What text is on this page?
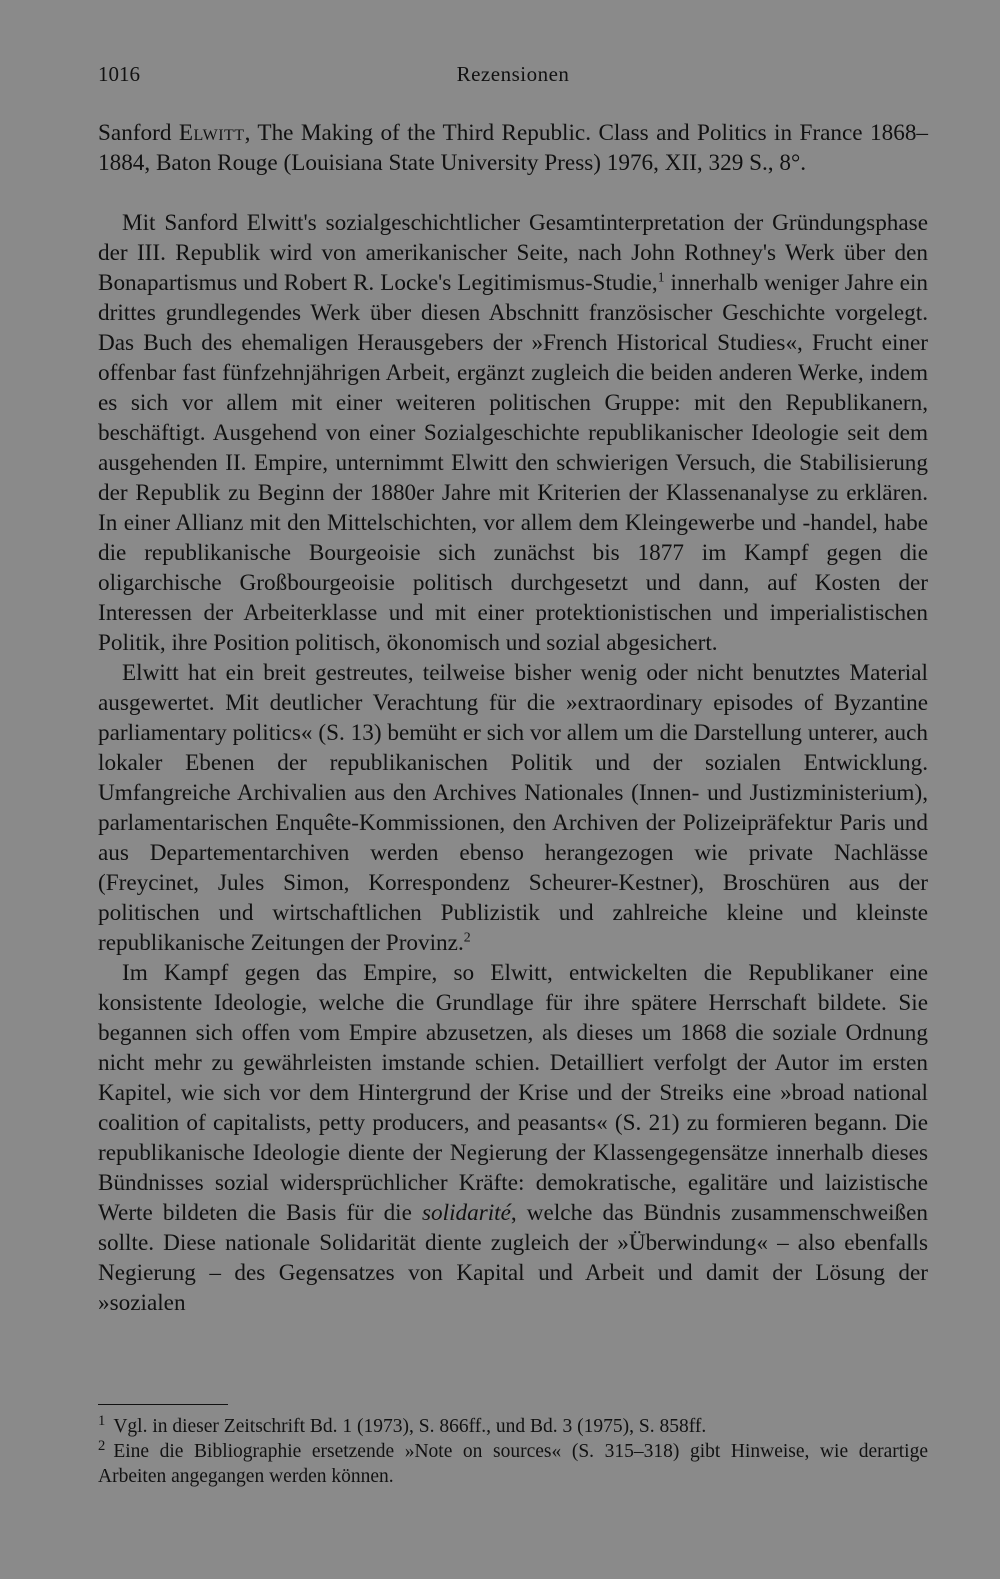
1016	Rezensionen

Sanford Elwitt, The Making of the Third Republic. Class and Politics in France 1868–1884, Baton Rouge (Louisiana State University Press) 1976, XII, 329 S., 8°.

Mit Sanford Elwitt's sozialgeschichtlicher Gesamtinterpretation der Gründungsphase der III. Republik wird von amerikanischer Seite, nach John Rothney's Werk über den Bonapartismus und Robert R. Locke's Legitimismus-Studie,$^1$ innerhalb weniger Jahre ein drittes grundlegendes Werk über diesen Abschnitt französischer Geschichte vorgelegt. Das Buch des ehemaligen Herausgebers der »French Historical Studies«, Frucht einer offenbar fast fünfzehnjährigen Arbeit, ergänzt zugleich die beiden anderen Werke, indem es sich vor allem mit einer weiteren politischen Gruppe: mit den Republikanern, beschäftigt. Ausgehend von einer Sozialgeschichte republikanischer Ideologie seit dem ausgehenden II. Empire, unternimmt Elwitt den schwierigen Versuch, die Stabilisierung der Republik zu Beginn der 1880er Jahre mit Kriterien der Klassenanalyse zu erklären. In einer Allianz mit den Mittelschichten, vor allem dem Kleingewerbe und -handel, habe die republikanische Bourgeoisie sich zunächst bis 1877 im Kampf gegen die oligarchische Großbourgeoisie politisch durchgesetzt und dann, auf Kosten der Interessen der Arbeiterklasse und mit einer protektionistischen und imperialistischen Politik, ihre Position politisch, ökonomisch und sozial abgesichert.

Elwitt hat ein breit gestreutes, teilweise bisher wenig oder nicht benutztes Material ausgewertet. Mit deutlicher Verachtung für die »extraordinary episodes of Byzantine parliamentary politics« (S. 13) bemüht er sich vor allem um die Darstellung unterer, auch lokaler Ebenen der republikanischen Politik und der sozialen Entwicklung. Umfangreiche Archivalien aus den Archives Nationales (Innen- und Justizministerium), parlamentarischen Enquête-Kommissionen, den Archiven der Polizeipräfektur Paris und aus Departementarchiven werden ebenso herangezogen wie private Nachlässe (Freycinet, Jules Simon, Korrespondenz Scheurer-Kestner), Broschüren aus der politischen und wirtschaftlichen Publizistik und zahlreiche kleine und kleinste republikanische Zeitungen der Provinz.$^2$

Im Kampf gegen das Empire, so Elwitt, entwickelten die Republikaner eine konsistente Ideologie, welche die Grundlage für ihre spätere Herrschaft bildete. Sie begannen sich offen vom Empire abzusetzen, als dieses um 1868 die soziale Ordnung nicht mehr zu gewährleisten imstande schien. Detailliert verfolgt der Autor im ersten Kapitel, wie sich vor dem Hintergrund der Krise und der Streiks eine »broad national coalition of capitalists, petty producers, and peasants« (S. 21) zu formieren begann. Die republikanische Ideologie diente der Negierung der Klassengegensätze innerhalb dieses Bündnisses sozial widersprüchlicher Kräfte: demokratische, egalitäre und laizistische Werte bildeten die Basis für die solidarité, welche das Bündnis zusammenschweißen sollte. Diese nationale Solidarität diente zugleich der »Überwindung« – also ebenfalls Negierung – des Gegensatzes von Kapital und Arbeit und damit der Lösung der »sozialen

$^1$ Vgl. in dieser Zeitschrift Bd. 1 (1973), S. 866ff., und Bd. 3 (1975), S. 858ff.

$^2$ Eine die Bibliographie ersetzende »Note on sources« (S. 315–318) gibt Hinweise, wie derartige Arbeiten angegangen werden können.
